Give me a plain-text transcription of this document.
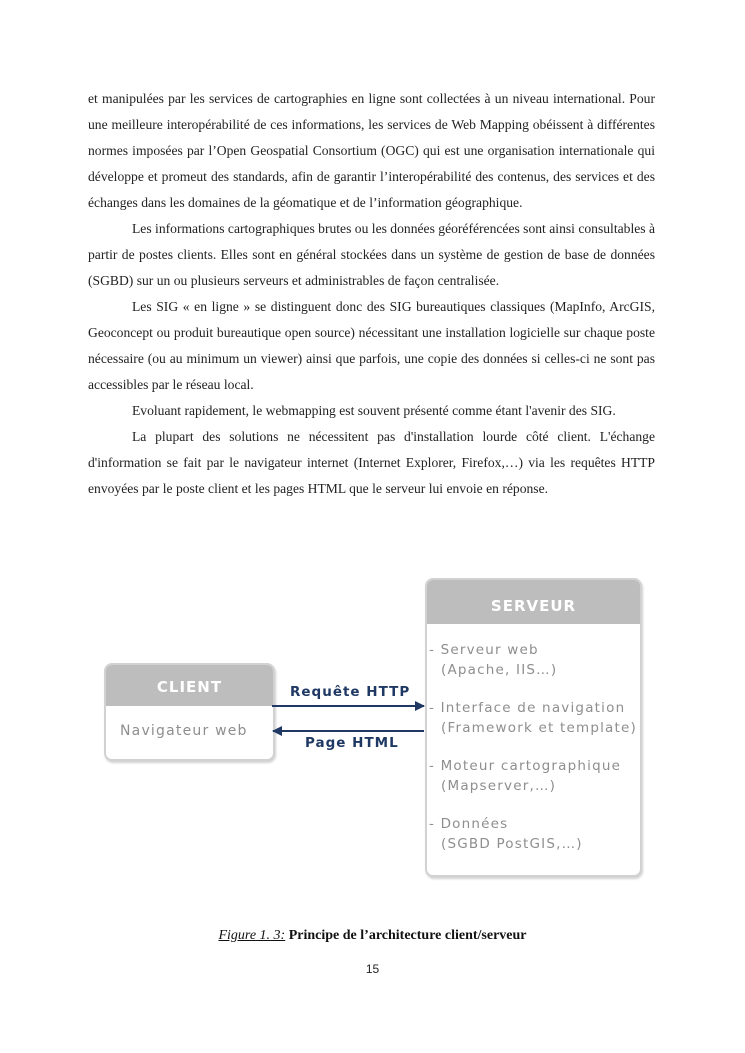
et manipulées par les services de cartographies en ligne sont collectées à un niveau international. Pour une meilleure interopérabilité de ces informations, les services de Web Mapping obéissent à différentes normes imposées par l’Open Geospatial Consortium (OGC) qui est une organisation internationale qui développe et promeut des standards, afin de garantir l’interopérabilité des contenus, des services et des échanges dans les domaines de la géomatique et de l’information géographique.

Les informations cartographiques brutes ou les données géoréférencées sont ainsi consultables à partir de postes clients. Elles sont en général stockées dans un système de gestion de base de données (SGBD) sur un ou plusieurs serveurs et administrables de façon centralisée.

Les SIG « en ligne » se distinguent donc des SIG bureautiques classiques (MapInfo, ArcGIS, Geoconcept ou produit bureautique open source) nécessitant une installation logicielle sur chaque poste nécessaire (ou au minimum un viewer) ainsi que parfois, une copie des données si celles-ci ne sont pas accessibles par le réseau local.

Evoluant rapidement, le webmapping est souvent présenté comme étant l'avenir des SIG.

La plupart des solutions ne nécessitent pas d'installation lourde côté client. L'échange d'information se fait par le navigateur internet (Internet Explorer, Firefox,…) via les requêtes HTTP envoyées par le poste client et les pages HTML que le serveur lui envoie en réponse.

CLIENT
Navigateur web
SERVEUR
- Serveur web
(Apache, IIS…)
- Interface de navigation
(Framework et template)
- Moteur cartographique
(Mapserver,…)
- Données
(SGBD PostGIS,…)
Requête HTTP
Page HTML
Figure 1. 3: Principe de l’architecture client/serveur
15
